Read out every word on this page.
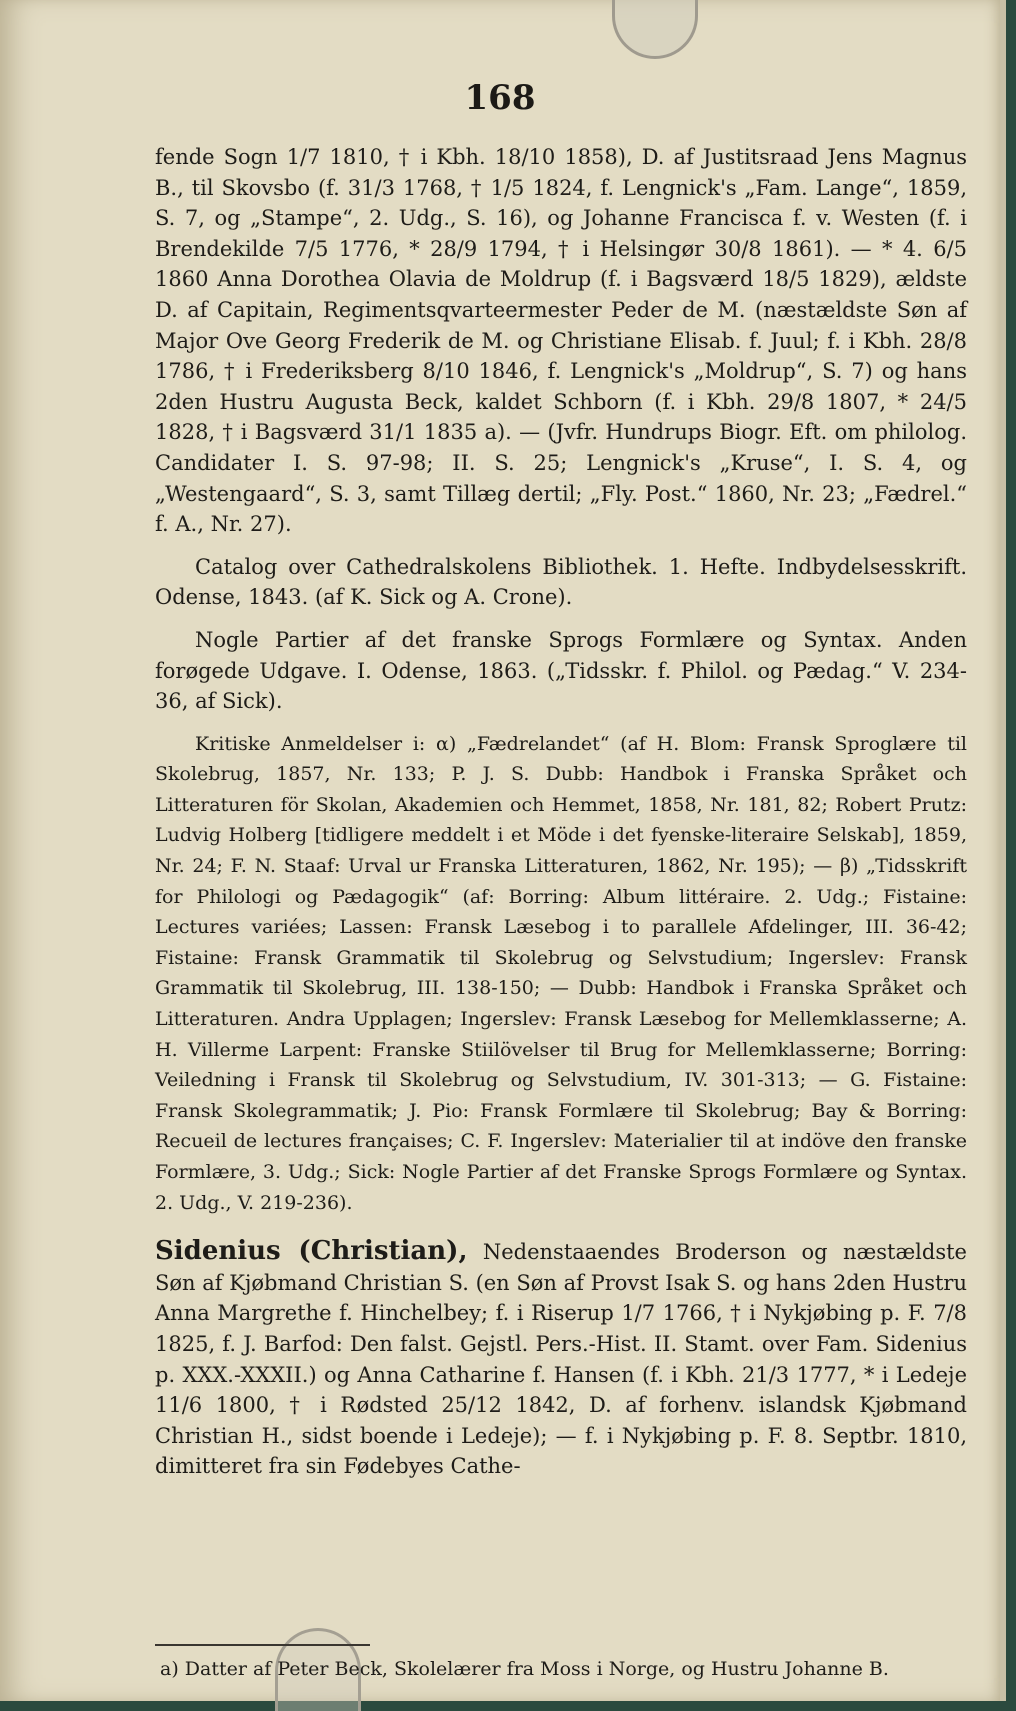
168

fende Sogn 1/7 1810, † i Kbh. 18/10 1858), D. af Justitsraad Jens Magnus B., til Skovsbo (f. 31/3 1768, † 1/5 1824, f. Lengnick's „Fam. Lange“, 1859, S. 7, og „Stampe“, 2. Udg., S. 16), og Johanne Francisca f. v. Westen (f. i Brendekilde 7/5 1776, * 28/9 1794, † i Helsingør 30/8 1861). — * 4. 6/5 1860 Anna Dorothea Olavia de Moldrup (f. i Bagsværd 18/5 1829), ældste D. af Capitain, Regimentsqvarteermester Peder de M. (næstældste Søn af Major Ove Georg Frederik de M. og Christiane Elisab. f. Juul; f. i Kbh. 28/8 1786, † i Frederiksberg 8/10 1846, f. Lengnick's „Moldrup“, S. 7) og hans 2den Hustru Augusta Beck, kaldet Schborn (f. i Kbh. 29/8 1807, * 24/5 1828, † i Bagsværd 31/1 1835 a). — (Jvfr. Hundrups Biogr. Eft. om philolog. Candidater I. S. 97-98; II. S. 25; Lengnick's „Kruse“, I. S. 4, og „Westengaard“, S. 3, samt Tillæg dertil; „Fly. Post.“ 1860, Nr. 23; „Fædrel.“ f. A., Nr. 27).

Catalog over Cathedralskolens Bibliothek. 1. Hefte. Indbydelsesskrift. Odense, 1843. (af K. Sick og A. Crone).

Nogle Partier af det franske Sprogs Formlære og Syntax. Anden forøgede Udgave. I. Odense, 1863. („Tidsskr. f. Philol. og Pædag.“ V. 234-36, af Sick).

Kritiske Anmeldelser i: α) „Fædrelandet“ (af H. Blom: Fransk Sproglære til Skolebrug, 1857, Nr. 133; P. J. S. Dubb: Handbok i Franska Språket och Litteraturen för Skolan, Akademien och Hemmet, 1858, Nr. 181, 82; Robert Prutz: Ludvig Holberg [tidligere meddelt i et Möde i det fyenske-literaire Selskab], 1859, Nr. 24; F. N. Staaf: Urval ur Franska Litteraturen, 1862, Nr. 195); — β) „Tidsskrift for Philologi og Pædagogik“ (af: Borring: Album littéraire. 2. Udg.; Fistaine: Lectures variées; Lassen: Fransk Læsebog i to parallele Afdelinger, III. 36-42; Fistaine: Fransk Grammatik til Skolebrug og Selvstudium; Ingerslev: Fransk Grammatik til Skolebrug, III. 138-150; — Dubb: Handbok i Franska Språket och Litteraturen. Andra Upplagen; Ingerslev: Fransk Læsebog for Mellemklasserne; A. H. Villerme Larpent: Franske Stiilövelser til Brug for Mellemklasserne; Borring: Veiledning i Fransk til Skolebrug og Selvstudium, IV. 301-313; — G. Fistaine: Fransk Skolegrammatik; J. Pio: Fransk Formlære til Skolebrug; Bay & Borring: Recueil de lectures françaises; C. F. Ingerslev: Materialier til at indöve den franske Formlære, 3. Udg.; Sick: Nogle Partier af det Franske Sprogs Formlære og Syntax. 2. Udg., V. 219-236).

Sidenius (Christian), Nedenstaaendes Broderson og næstældste Søn af Kjøbmand Christian S. (en Søn af Provst Isak S. og hans 2den Hustru Anna Margrethe f. Hinchelbey; f. i Riserup 1/7 1766, † i Nykjøbing p. F. 7/8 1825, f. J. Barfod: Den falst. Gejstl. Pers.-Hist. II. Stamt. over Fam. Sidenius p. XXX.-XXXII.) og Anna Catharine f. Hansen (f. i Kbh. 21/3 1777, * i Ledeje 11/6 1800, † i Rødsted 25/12 1842, D. af forhenv. islandsk Kjøbmand Christian H., sidst boende i Ledeje); — f. i Nykjøbing p. F. 8. Septbr. 1810, dimitteret fra sin Fødebyes Cathe-

a) Datter af Peter Beck, Skolelærer fra Moss i Norge, og Hustru Johanne B.
